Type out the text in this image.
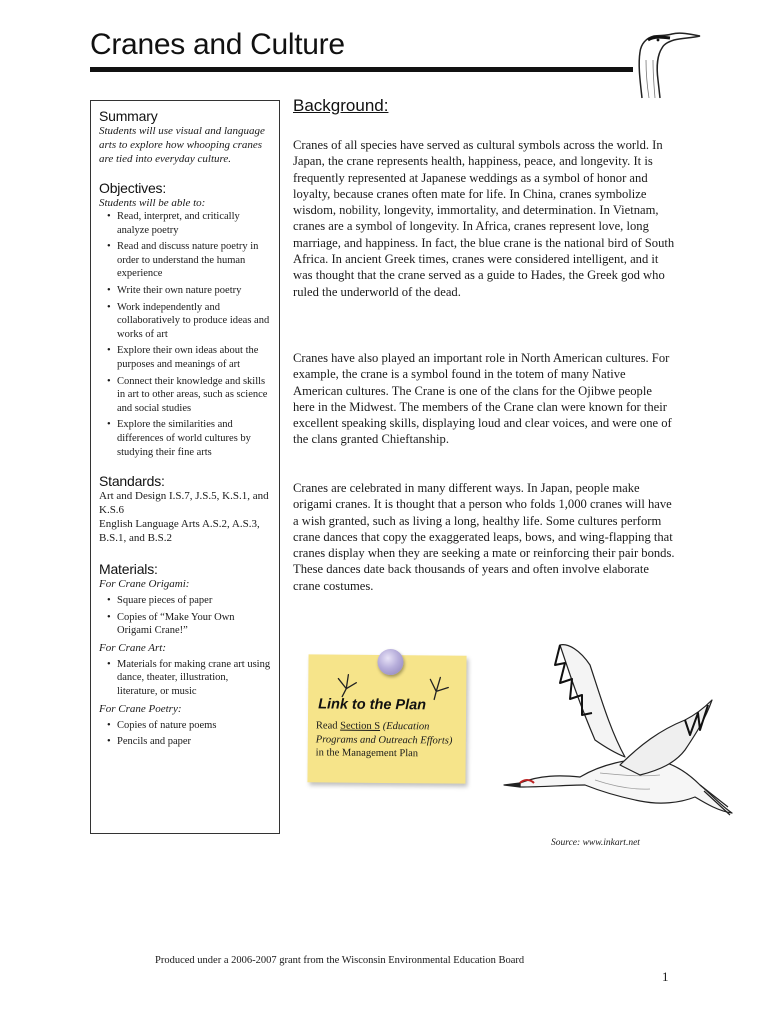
Cranes and Culture

Summary

Students will use visual and language arts to explore how whooping cranes are tied into everyday culture.

Objectives:

Students will be able to:

• Read, interpret, and critically analyze poetry
• Read and discuss nature poetry in order to understand the human experience
• Write their own nature poetry
• Work independently and collaboratively to produce ideas and works of art
• Explore their own ideas about the purposes and meanings of art
• Connect their knowledge and skills in art to other areas, such as science and social studies
• Explore the similarities and differences of world cultures by studying their fine arts

Standards:

Art and Design I.S.7, J.S.5, K.S.1, and K.S.6

English Language Arts A.S.2, A.S.3, B.S.1, and B.S.2

Materials:

For Crane Origami:

• Square pieces of paper
• Copies of “Make Your Own Origami Crane!”

For Crane Art:

• Materials for making crane art using dance, theater, illustration, literature, or music

For Crane Poetry:

• Copies of nature poems
• Pencils and paper

Background:

Cranes of all species have served as cultural symbols across the world. In Japan, the crane represents health, happiness, peace, and longevity. It is frequently represented at Japanese weddings as a symbol of honor and loyalty, because cranes often mate for life. In China, cranes symbolize wisdom, nobility, longevity, immortality, and determination. In Vietnam, cranes are a symbol of longevity. In Africa, cranes represent love, long marriage, and happiness. In fact, the blue crane is the national bird of South Africa. In ancient Greek times, cranes were considered intelligent, and it was thought that the crane served as a guide to Hades, the Greek god who ruled the underworld of the dead.

Cranes have also played an important role in North American cultures. For example, the crane is a symbol found in the totem of many Native American cultures. The Crane is one of the clans for the Ojibwe people here in the Midwest. The members of the Crane clan were known for their excellent speaking skills, displaying loud and clear voices, and were one of the clans granted Chieftanship.

Cranes are celebrated in many different ways. In Japan, people make origami cranes. It is thought that a person who folds 1,000 cranes will have a wish granted, such as living a long, healthy life. Some cultures perform crane dances that copy the exaggerated leaps, bows, and wing-flapping that cranes display when they are seeking a mate or reinforcing their pair bonds. These dances date back thousands of years and often involve elaborate crane costumes.

Link to the Plan

Read Section S (Education Programs and Outreach Efforts) in the Management Plan

Source: www.inkart.net

Produced under a 2006-2007 grant from the Wisconsin Environmental Education Board

1
